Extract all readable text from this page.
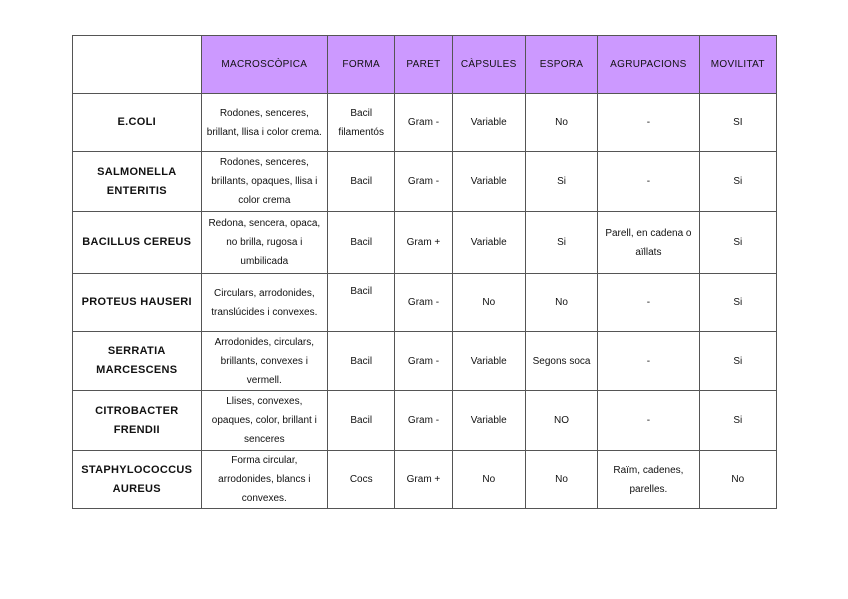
	MACROSCÒPICA	FORMA	PARET	CÀPSULES	ESPORA	AGRUPACIONS	MOVILITAT
E.COLI	Rodones, senceres, brillant, llisa i color crema.	Bacil filamentós	Gram -	Variable	No	-	SI
SALMONELLA ENTERITIS	Rodones, senceres, brillants, opaques, llisa i color crema	Bacil	Gram -	Variable	Si	-	Si
BACILLUS CEREUS	Redona, sencera, opaca, no brilla, rugosa i umbilicada	Bacil	Gram +	Variable	Si	Parell, en cadena o aïllats	Si
PROTEUS HAUSERI	Circulars, arrodonides, translúcides i convexes.	Bacil	Gram -	No	No	-	Si
SERRATIA MARCESCENS	Arrodonides, circulars, brillants, convexes i vermell.	Bacil	Gram -	Variable	Segons soca	-	Si
CITROBACTER FRENDII	Llises, convexes, opaques, color, brillant i senceres	Bacil	Gram -	Variable	NO	-	Si
STAPHYLOCOCCUS AUREUS	Forma circular, arrodonides, blancs i convexes.	Cocs	Gram +	No	No	Raïm, cadenes, parelles.	No
